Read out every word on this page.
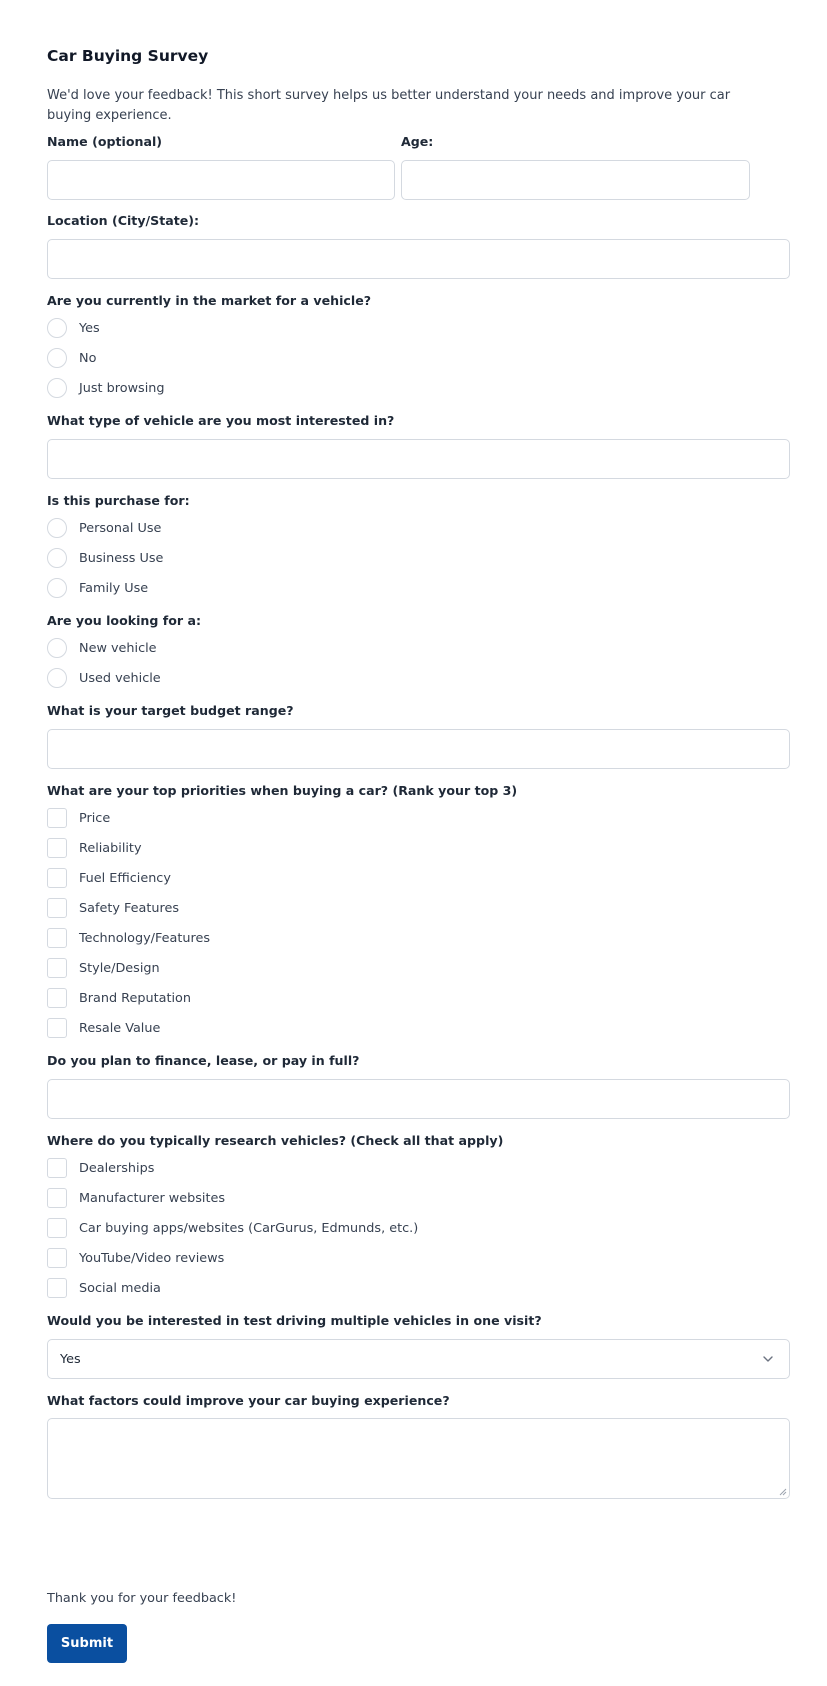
Car Buying Survey
We'd love your feedback! This short survey helps us better understand your needs and improve your car buying experience.
Name (optional)	Age:
Location (City/State):
Are you currently in the market for a vehicle?
Yes
No
Just browsing
What type of vehicle are you most interested in?
Is this purchase for:
Personal Use
Business Use
Family Use
Are you looking for a:
New vehicle
Used vehicle
What is your target budget range?
What are your top priorities when buying a car? (Rank your top 3)
Price
Reliability
Fuel Efficiency
Safety Features
Technology/Features
Style/Design
Brand Reputation
Resale Value
Do you plan to finance, lease, or pay in full?
Where do you typically research vehicles? (Check all that apply)
Dealerships
Manufacturer websites
Car buying apps/websites (CarGurus, Edmunds, etc.)
YouTube/Video reviews
Social media
Would you be interested in test driving multiple vehicles in one visit?
Yes
What factors could improve your car buying experience?
Thank you for your feedback!
Submit
